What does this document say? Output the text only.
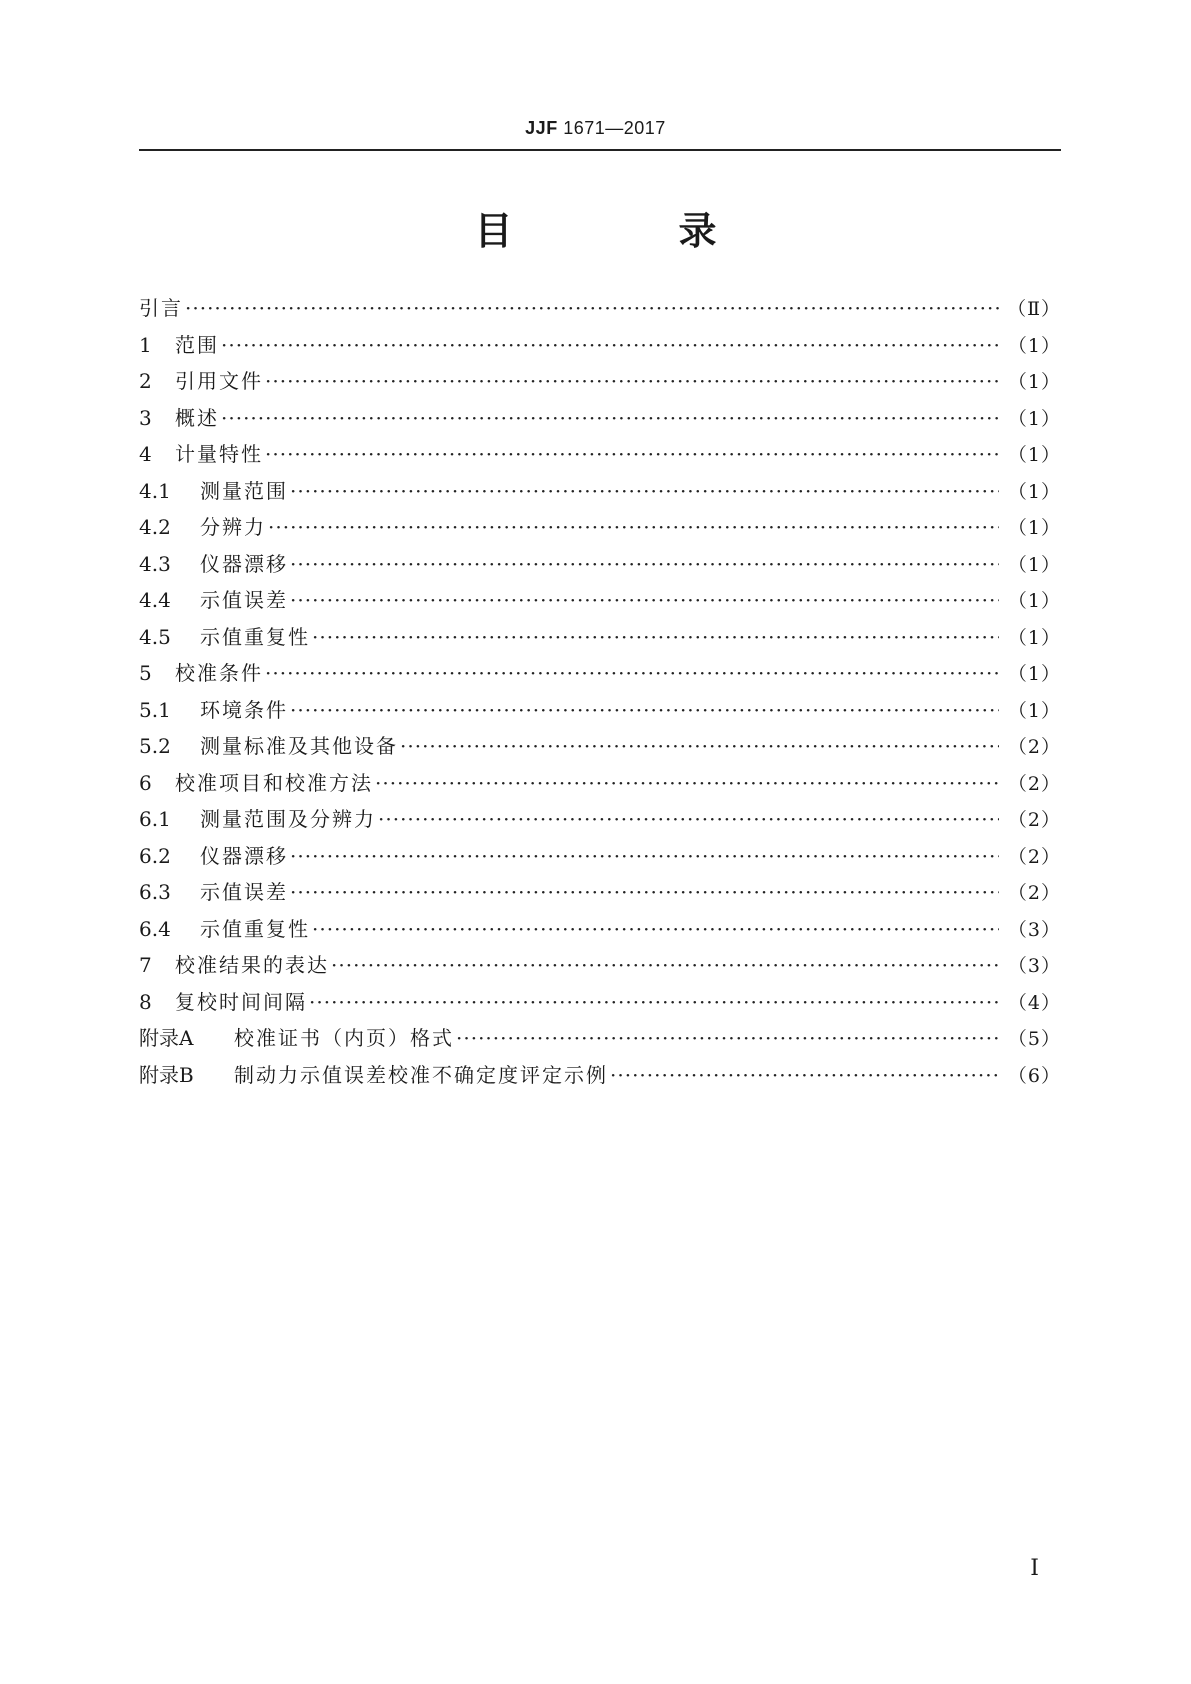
JJF 1671—2017
目　录
引言 ·····	（Ⅱ）
1	范围 ·····	（1）
2	引用文件 ·····	（1）
3	概述 ·····	（1）
4	计量特性 ·····	（1）
4.1	测量范围 ·····	（1）
4.2	分辨力 ·····	（1）
4.3	仪器漂移 ·····	（1）
4.4	示值误差 ·····	（1）
4.5	示值重复性 ·····	（1）
5	校准条件 ·····	（1）
5.1	环境条件 ·····	（1）
5.2	测量标准及其他设备 ·····	（2）
6	校准项目和校准方法 ·····	（2）
6.1	测量范围及分辨力 ·····	（2）
6.2	仪器漂移 ·····	（2）
6.3	示值误差 ·····	（2）
6.4	示值重复性 ·····	（3）
7	校准结果的表达 ·····	（3）
8	复校时间间隔 ·····	（4）
附录A	校准证书（内页）格式 ·····	（5）
附录B	制动力示值误差校准不确定度评定示例 ·····	（6）
Ⅰ
